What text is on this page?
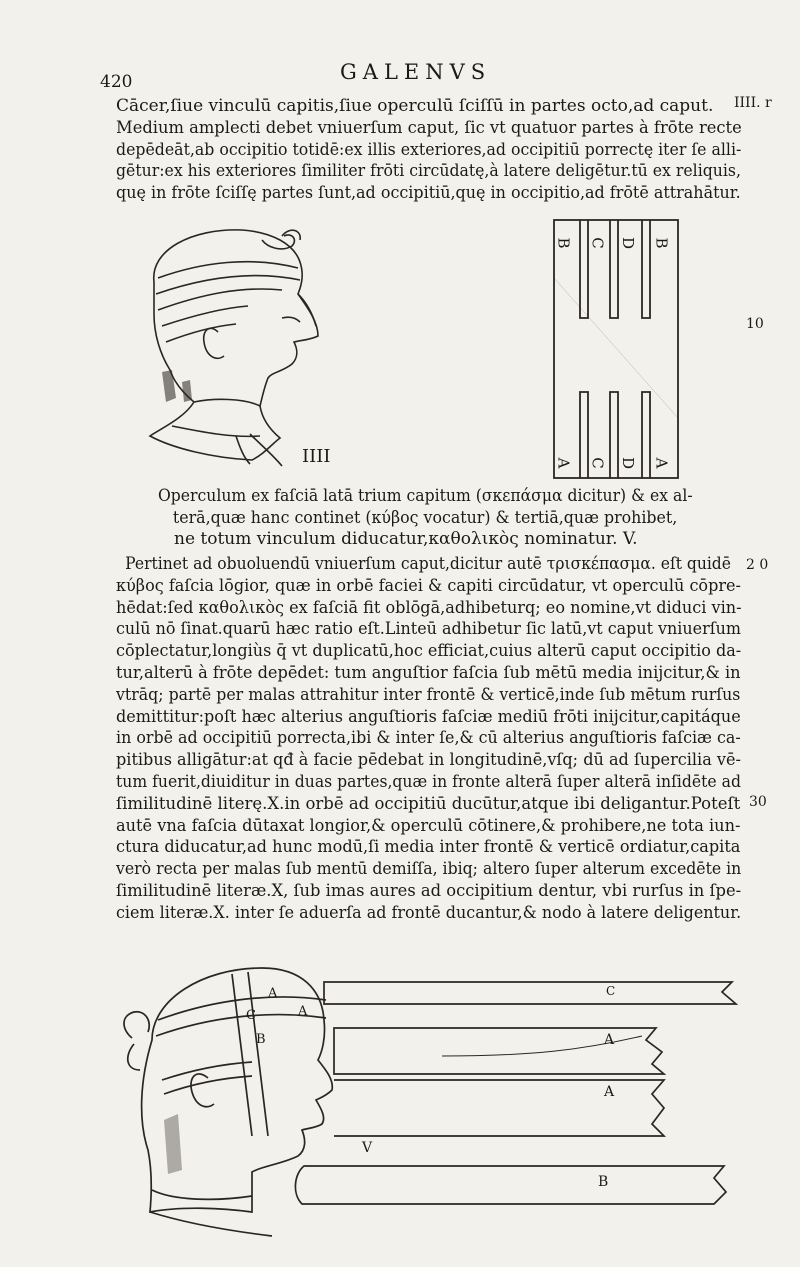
420	GALENVS
IIII. r
10
2 0
30
Cācer,ſiue vinculū capitis,ſiue operculū ſciſſū in partes octo,ad caput.
Medium amplecti debet vniuerſum caput, ſic vt quatuor partes à frōte recte
depēdeāt,ab occipitio totidē:ex illis exteriores,ad occipitiū porrectę iter ſe alli-
gētur:ex his exteriores ſimiliter frōti circūdatę,à latere deligētur.tū ex reliquis,
quę in frōte ſciſſę partes ſunt,ad occipitiū,quę in occipitio,ad frōtē attrahātur.
IIII
B C D B
A C D A
Operculum ex faſciā latā trium capitum (σκεπάσμα dicitur) & ex al-
terā,quæ hanc continet (κύβος vocatur) & tertiā,quæ prohibet,
ne totum vinculum diducatur,καθολικὸς nominatur. V.
Pertinet ad obuoluendū vniuerſum caput,dicitur autē τρισκέπασμα. eſt quidē
κύβος faſcia lōgior, quæ in orbē faciei & capiti circūdatur, vt operculū cōpre-
hēdat:ſed καθολικὸς ex faſciā fit oblōgā,adhibeturq; eo nomine,vt diduci vin-
culū nō ſinat.quarū hæc ratio eſt.Linteū adhibetur ſic latū,vt caput vniuerſum
cōplectatur,longiùs q̄ vt duplicatū,hoc efficiat,cuius alterū caput occipitio da-
tur,alterū à frōte depēdet: tum anguſtior faſcia ſub mētū media inijcitur,& in
vtrāq; partē per malas attrahitur inter frontē & verticē,inde ſub mētum rurſus
demittitur:poſt hæc alterius anguſtioris faſciæ mediū frōti inijcitur,capitáque
in orbē ad occipitiū porrecta,ibi & inter ſe,& cū alterius anguſtioris faſciæ ca-
pitibus alligātur:at qđ à facie pēdebat in longitudinē,vſq; dū ad ſupercilia vē-
tum fuerit,diuiditur in duas partes,quæ in fronte alterā ſuper alterā inſidēte ad
ſimilitudinē literę.X.in orbē ad occipitiū ducūtur,atque ibi deligantur.Poteſt
autē vna faſcia dūtaxat longior,& operculū cōtinere,& prohibere,ne tota iun-
ctura diducatur,ad hunc modū,ſi media inter frontē & verticē ordiatur,capita
verò recta per malas ſub mentū demiſſa, ibiq; altero ſuper alterum excedēte in
ſimilitudinē literæ.X, ſub imas aures ad occipitium dentur, vbi rurſus in ſpe-
ciem literæ.X. inter ſe aduerſa ad frontē ducantur,& nodo à latere deligentur.
A
A
C
B
C
A
A
V
B
